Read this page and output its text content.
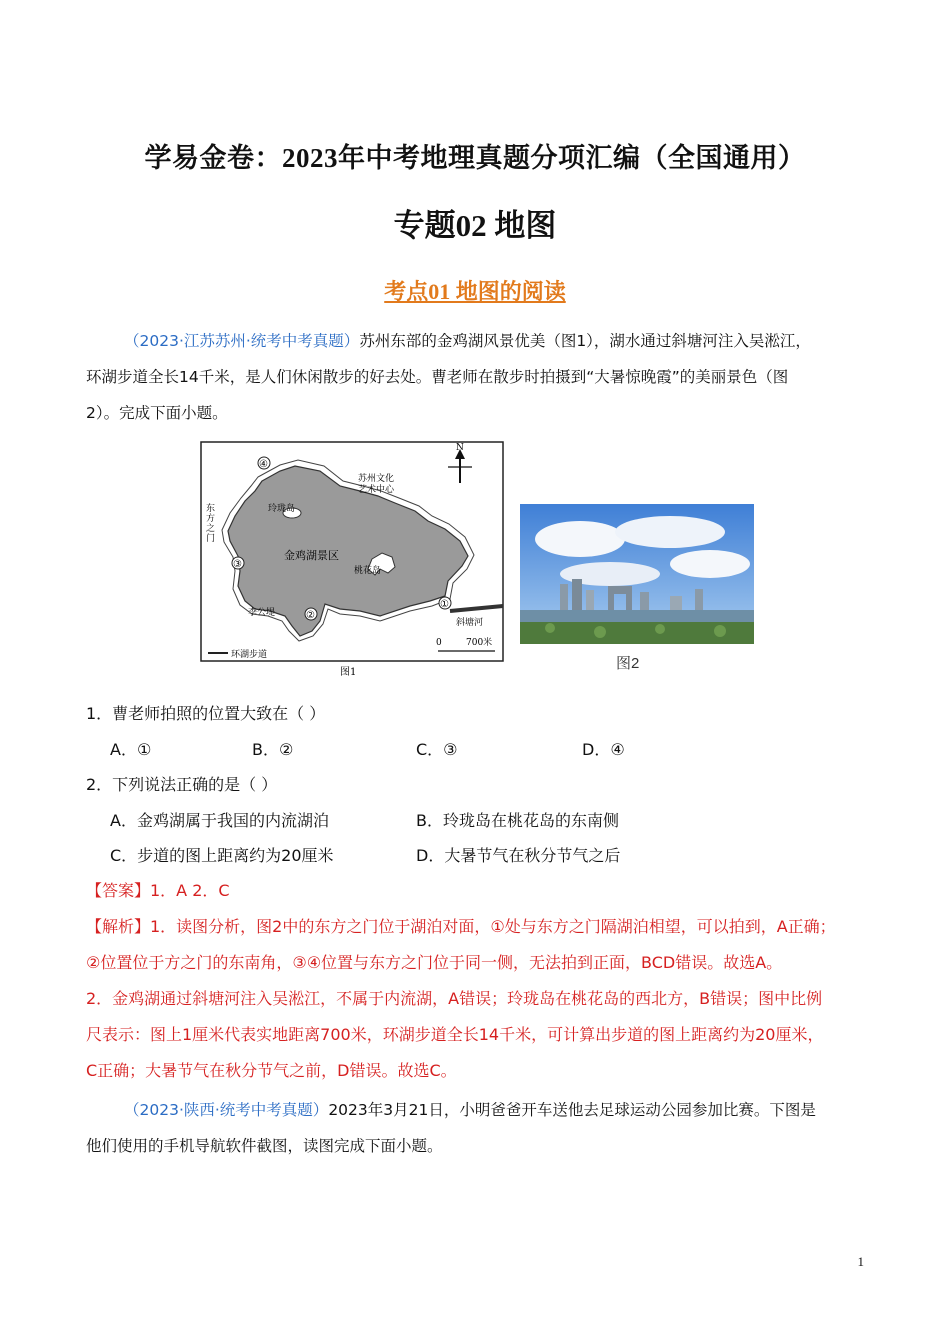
学易金卷：2023年中考地理真题分项汇编（全国通用）
专题02 地图
考点01 地图的阅读
（2023·江苏苏州·统考中考真题）苏州东部的金鸡湖风景优美（图1），湖水通过斜塘河注入吴淞江，
环湖步道全长14千米，是人们休闲散步的好去处。曹老师在散步时拍摄到“大暑惊晚霞”的美丽景色（图
2）。完成下面小题。
N
④
③
②
①
苏州文化
艺术中心
玲珑岛
东
方
之
门
金鸡湖景区
桃花岛
李公堤
斜塘河
0	700米
环湖步道
图1
图2
1．曹老师拍照的位置大致在（ ）
A．①	B．②	C．③	D．④
2．下列说法正确的是（ ）
A．金鸡湖属于我国的内流湖泊	B．玲珑岛在桃花岛的东南侧
C．步道的图上距离约为20厘米	D．大暑节气在秋分节气之后
【答案】1．A 2．C
【解析】1．读图分析，图2中的东方之门位于湖泊对面，①处与东方之门隔湖泊相望，可以拍到，A正确；
②位置位于方之门的东南角，③④位置与东方之门位于同一侧，无法拍到正面，BCD错误。故选A。
2．金鸡湖通过斜塘河注入吴淞江，不属于内流湖，A错误；玲珑岛在桃花岛的西北方，B错误；图中比例
尺表示：图上1厘米代表实地距离700米，环湖步道全长14千米，可计算出步道的图上距离约为20厘米，
C正确；大暑节气在秋分节气之前，D错误。故选C。
（2023·陕西·统考中考真题）2023年3月21日，小明爸爸开车送他去足球运动公园参加比赛。下图是
他们使用的手机导航软件截图，读图完成下面小题。
1
